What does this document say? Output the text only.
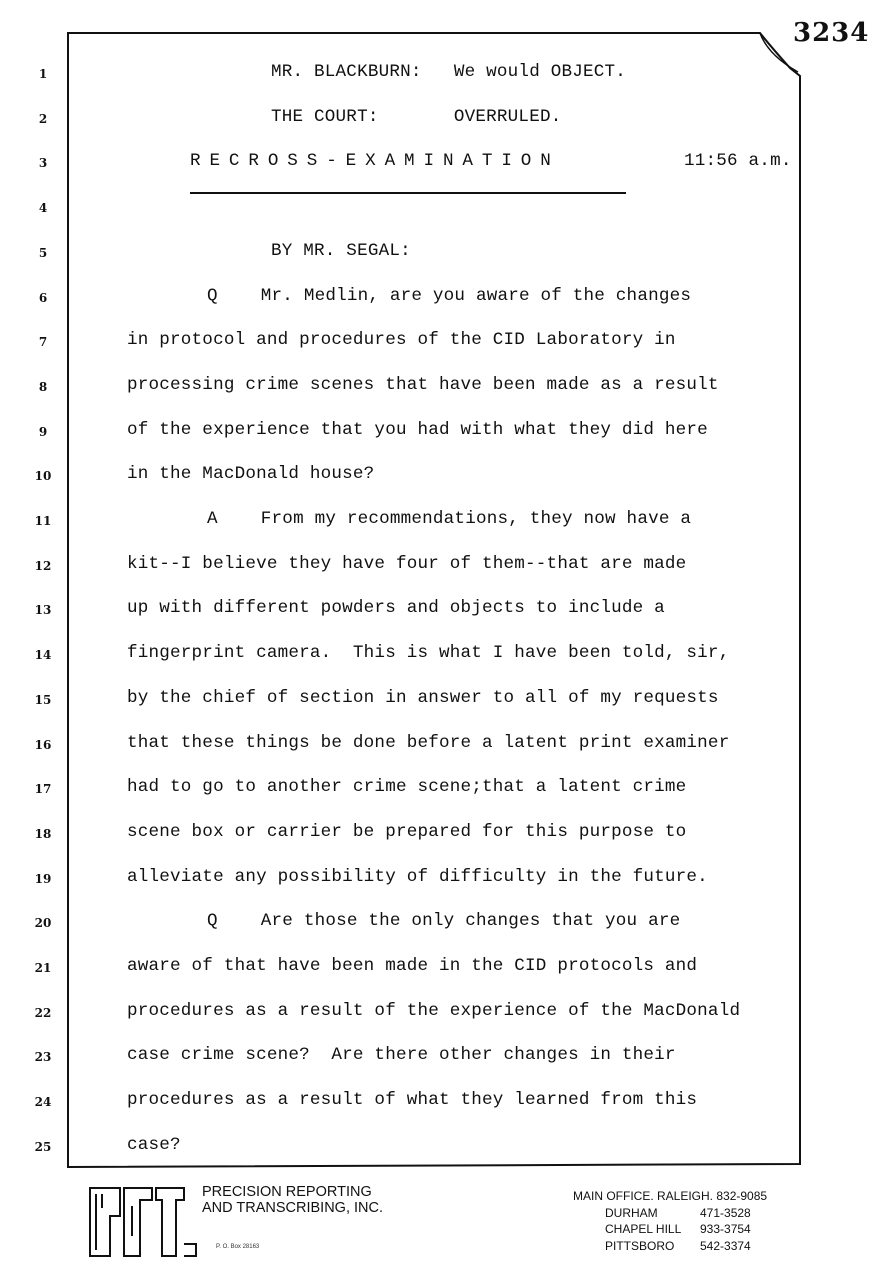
3234
1	MR. BLACKBURN:   We would OBJECT.
2	THE COURT:       OVERRULED.
3	RECROSS-EXAMINATION	11:56 a.m.
4
5	BY MR. SEGAL:
6	Q    Mr. Medlin, are you aware of the changes
7	in protocol and procedures of the CID Laboratory in
8	processing crime scenes that have been made as a result
9	of the experience that you had with what they did here
10	in the MacDonald house?
11	A    From my recommendations, they now have a
12	kit--I believe they have four of them--that are made
13	up with different powders and objects to include a
14	fingerprint camera.  This is what I have been told, sir,
15	by the chief of section in answer to all of my requests
16	that these things be done before a latent print examiner
17	had to go to another crime scene;that a latent crime
18	scene box or carrier be prepared for this purpose to
19	alleviate any possibility of difficulty in the future.
20	Q    Are those the only changes that you are
21	aware of that have been made in the CID protocols and
22	procedures as a result of the experience of the MacDonald
23	case crime scene?  Are there other changes in their
24	procedures as a result of what they learned from this
25	case?
PRECISION REPORTING
AND TRANSCRIBING, INC.
P. O. Box 28163
MAIN OFFICE. RALEIGH. 832-9085
DURHAM	471-3528
CHAPEL HILL	933-3754
PITTSBORO	542-3374
